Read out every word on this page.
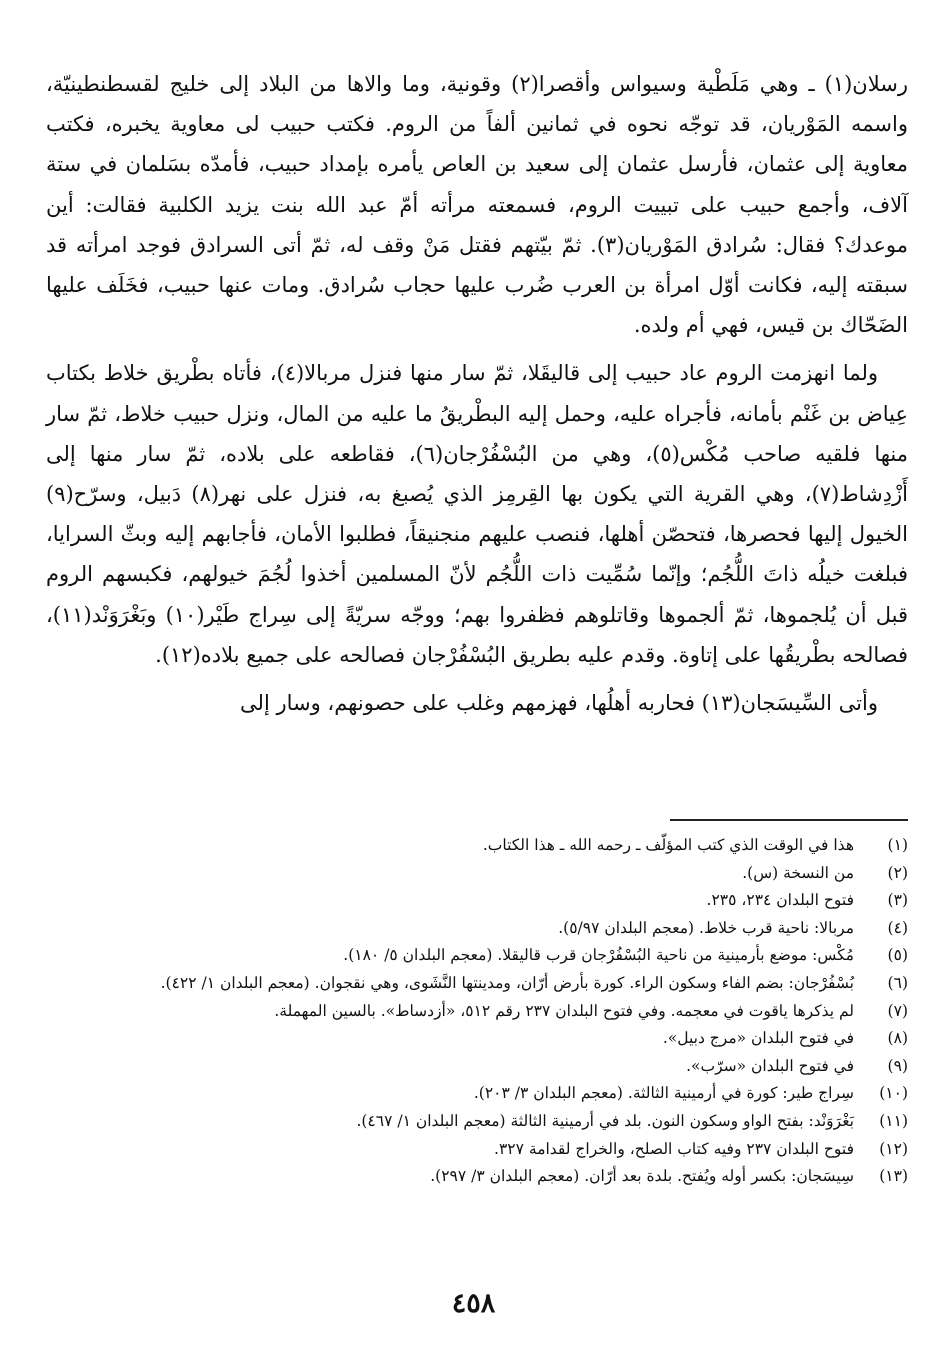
رسلان(١) ـ وهي مَلَطْية وسيواس وأقصرا(٢) وقونية، وما والاها من البلاد إلى خليج لقسطنطينيّة، واسمه المَوْريان، قد توجّه نحوه في ثمانين ألفاً من الروم. فكتب حبيب لى معاوية يخبره، فكتب معاوية إلى عثمان، فأرسل عثمان إلى سعيد بن العاص يأمره بإمداد حبيب، فأمدّه بسَلمان في ستة آلاف، وأجمع حبيب على تبييت الروم، فسمعته مرأته أمّ عبد الله بنت يزيد الكلبية فقالت: أين موعدك؟ فقال: سُرادق المَوْريان(٣). ثمّ بيّتهم فقتل مَنْ وقف له، ثمّ أتى السرادق فوجد امرأته قد سبقته إليه، فكانت أوّل امرأة بن العرب ضُرب عليها حجاب سُرادق. ومات عنها حبيب، فخَلَف عليها الضَحّاك بن قيس، فهي أم ولده.

ولما انهزمت الروم عاد حبيب إلى قاليقَلا، ثمّ سار منها فنزل مربالا(٤)، فأتاه بطْريق خلاط بكتاب عِياض بن غَنْم بأمانه، فأجراه عليه، وحمل إليه البطْريقُ ما عليه من المال، ونزل حبيب خلاط، ثمّ سار منها فلقيه صاحب مُكْس(٥)، وهي من البُسْفُرْجان(٦)، فقاطعه على بلاده، ثمّ سار منها إلى أَزْدِشاط(٧)، وهي القرية التي يكون بها القِرمِز الذي يُصبغ به، فنزل على نهر(٨) دَبيل، وسرّح(٩) الخيول إليها فحصرها، فتحصّن أهلها، فنصب عليهم منجنيقاً، فطلبوا الأمان، فأجابهم إليه وبثّ السرايا، فبلغت خيلُه ذاتَ اللُّجُم؛ وإنّما سُمِّيت ذات اللُّجُم لأنّ المسلمين أخذوا لُجُمَ خيولهم، فكبسهم الروم قبل أن يُلجموها، ثمّ ألجموها وقاتلوهم فظفروا بهم؛ ووجّه سريّةً إلى سِراج طَيْر(١٠) وبَغْرَوَنْد(١١)، فصالحه بطْريقُها على إتاوة. وقدم عليه بطريق البُسْفُرْجان فصالحه على جميع بلاده(١٢).

وأتى السِّيسَجان(١٣) فحاربه أهلُها، فهزمهم وغلب على حصونهم، وسار إلى

(١)
هذا في الوقت الذي كتب المؤلّف ـ رحمه الله ـ هذا الكتاب.
(٢)
من النسخة (س).
(٣)
فتوح البلدان ٢٣٤، ٢٣٥.
(٤)
مربالا: ناحية قرب خلاط. (معجم البلدان ٥/٩٧).
(٥)
مُكْس: موضع بأرمينية من ناحية البُسْفُرْجان قرب قاليقلا. (معجم البلدان ٥/ ١٨٠).
(٦)
بُسْفُرْجان: بضم الفاء وسكون الراء. كورة بأرض أرّان، ومدينتها النَّشَوى، وهي نقجوان. (معجم البلدان ١/ ٤٢٢).
(٧)
لم يذكرها ياقوت في معجمه. وفي فتوح البلدان ٢٣٧ رقم ٥١٢، «أزدساط». بالسين المهملة.
(٨)
في فتوح البلدان «مرج دبيل».
(٩)
في فتوح البلدان «سرّب».
(١٠)
سِراج طير: كورة في أرمينية الثالثة. (معجم البلدان ٣/ ٢٠٣).
(١١)
بَغْرَوَنْد: بفتح الواو وسكون النون. بلد في أرمينية الثالثة (معجم البلدان ١/ ٤٦٧).
(١٢)
فتوح البلدان ٢٣٧ وفيه كتاب الصلح، والخراج لقدامة ٣٢٧.
(١٣)
سِيسَجان: بكسر أوله ويُفتح. بلدة بعد أرّان. (معجم البلدان ٣/ ٢٩٧).
٤٥٨
